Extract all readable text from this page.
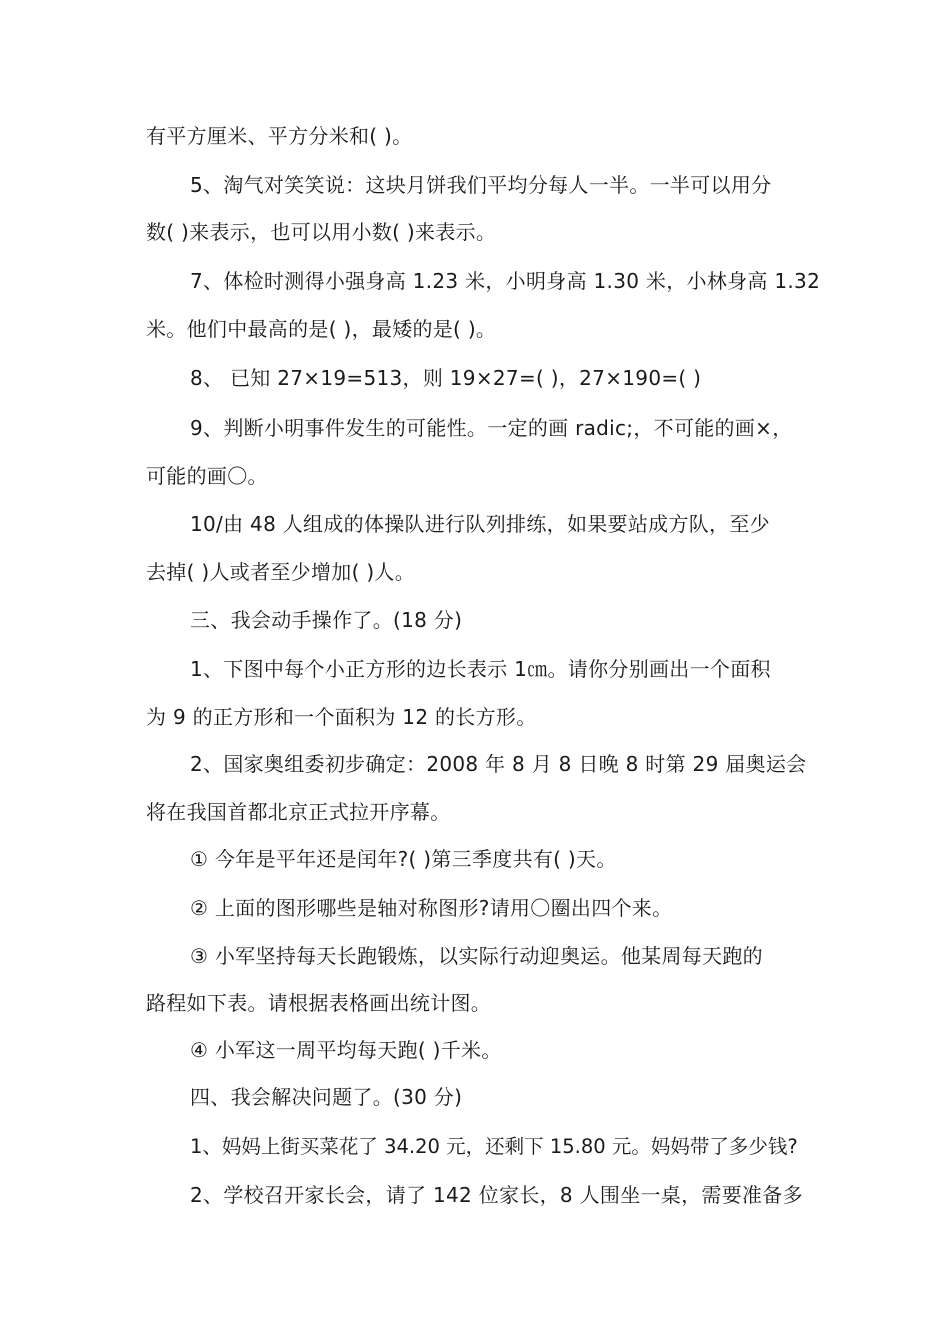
有平方厘米、平方分米和( )。
5、淘气对笑笑说：这块月饼我们平均分每人一半。一半可以用分
数( )来表示，也可以用小数( )来表示。
7、体检时测得小强身高 1.23 米，小明身高 1.30 米，小林身高 1.32
米。他们中最高的是( )，最矮的是( )。
8、 已知 27×19=513，则 19×27=( )，27×190=( )
9、判断小明事件发生的可能性。一定的画 radic;，不可能的画×，
可能的画〇。
10/由 48 人组成的体操队进行队列排练，如果要站成方队，至少
去掉( )人或者至少增加( )人。
三、我会动手操作了。(18 分)
1、下图中每个小正方形的边长表示 1㎝。请你分别画出一个面积
为 9 的正方形和一个面积为 12 的长方形。
2、国家奥组委初步确定：2008 年 8 月 8 日晚 8 时第 29 届奥运会
将在我国首都北京正式拉开序幕。
① 今年是平年还是闰年?( )第三季度共有( )天。
② 上面的图形哪些是轴对称图形?请用〇圈出四个来。
③ 小军坚持每天长跑锻炼，以实际行动迎奥运。他某周每天跑的
路程如下表。请根据表格画出统计图。
④ 小军这一周平均每天跑( )千米。
四、我会解决问题了。(30 分)
1、妈妈上街买菜花了 34.20 元，还剩下 15.80 元。妈妈带了多少钱?
2、学校召开家长会，请了 142 位家长，8 人围坐一桌，需要准备多
